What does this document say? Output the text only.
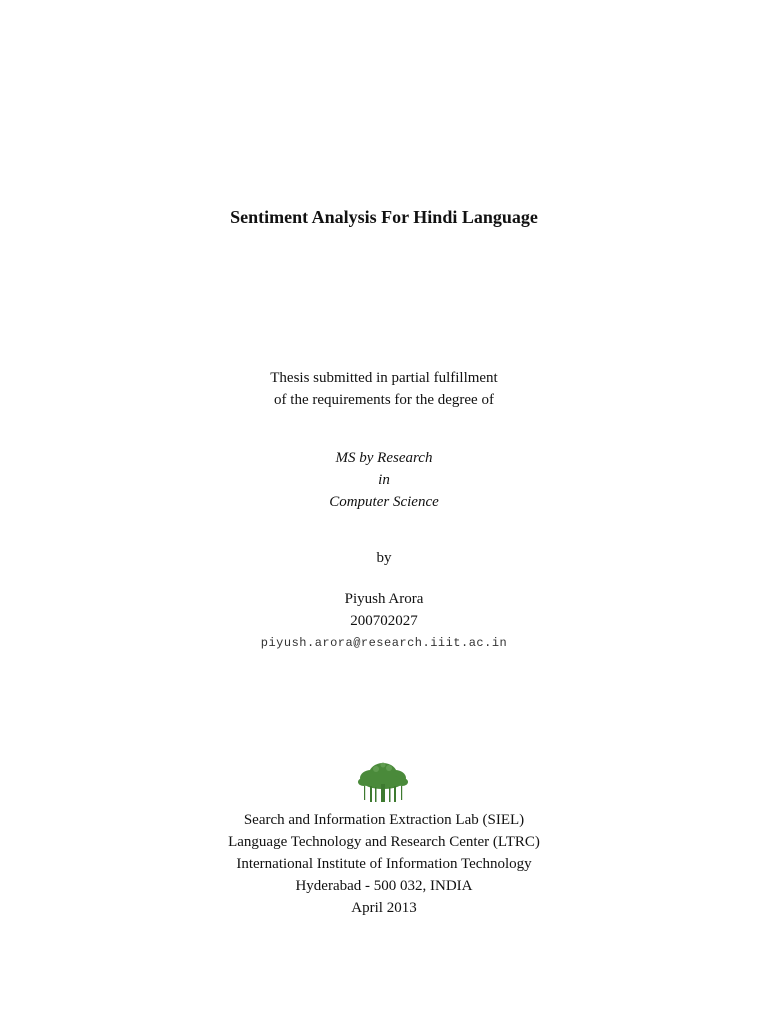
Sentiment Analysis For Hindi Language
Thesis submitted in partial fulfillment
of the requirements for the degree of
MS by Research
in
Computer Science
by
Piyush Arora
200702027
piyush.arora@research.iiit.ac.in
Search and Information Extraction Lab (SIEL)
Language Technology and Research Center (LTRC)
International Institute of Information Technology
Hyderabad - 500 032, INDIA
April 2013
